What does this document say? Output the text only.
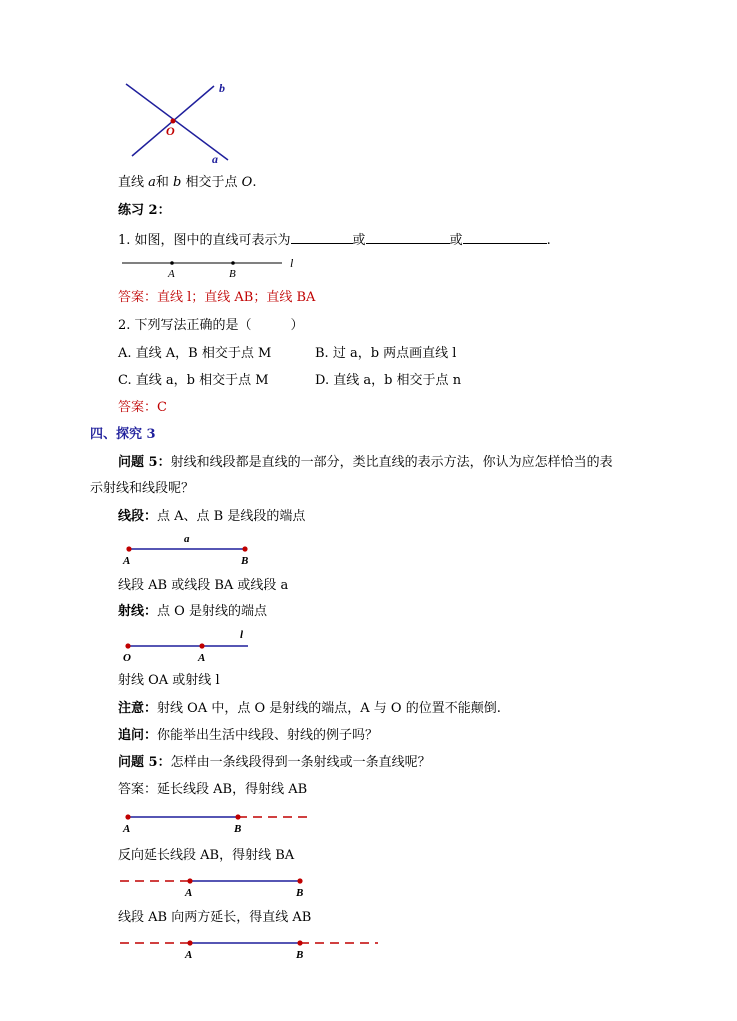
b
O
a
直线 a和 b 相交于点 O.
练习 2：
1. 如图，图中的直线可表示为	或	或	.
A	B
l
答案：直线 l；直线 AB；直线 BA
2. 下列写法正确的是（　　　）
A. 直线 A，B 相交于点 M	B. 过 a，b 两点画直线 l
C. 直线 a，b 相交于点 M	D. 直线 a，b 相交于点 n
答案：C
四、探究 3
问题 5：射线和线段都是直线的一部分，类比直线的表示方法，你认为应怎样恰当的表
示射线和线段呢？
线段：点 A、点 B 是线段的端点
a
A	B
线段 AB 或线段 BA 或线段 a
射线：点 O 是射线的端点
l
O	A
射线 OA 或射线 l
注意：射线 OA 中，点 O 是射线的端点，A 与 O 的位置不能颠倒.
追问：你能举出生活中线段、射线的例子吗？
问题 5：怎样由一条线段得到一条射线或一条直线呢？
答案：延长线段 AB，得射线 AB
A	B
反向延长线段 AB，得射线 BA
A	B
线段 AB 向两方延长，得直线 AB
A	B
